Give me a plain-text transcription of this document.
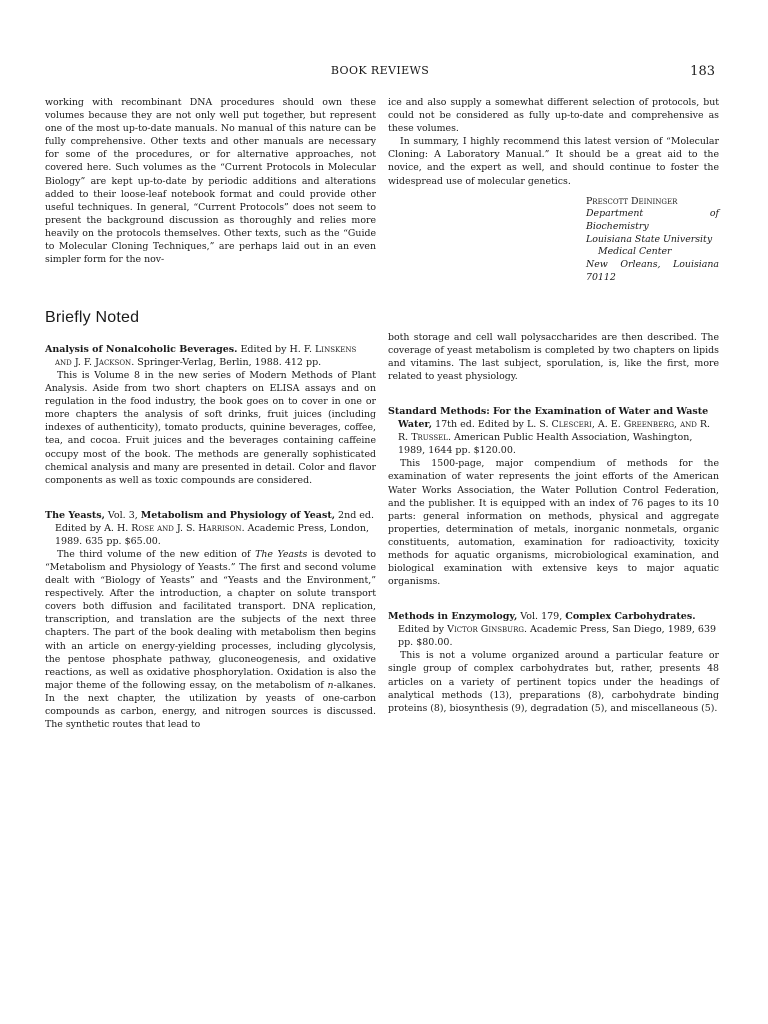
BOOK REVIEWS	183

working with recombinant DNA procedures should own these volumes because they are not only well put together, but represent one of the most up-to-date manuals. No manual of this nature can be fully comprehensive. Other texts and other manuals are necessary for some of the procedures, or for alternative approaches, not covered here. Such volumes as the “Current Protocols in Molecular Biology” are kept up-to-date by periodic additions and alterations added to their loose-leaf notebook format and could provide other useful techniques. In general, “Current Protocols” does not seem to present the background discussion as thoroughly and relies more heavily on the protocols themselves. Other texts, such as the “Guide to Molecular Cloning Techniques,” are perhaps laid out in an even simpler form for the nov-

ice and also supply a somewhat different selection of protocols, but could not be considered as fully up-to-date and comprehensive as these volumes.

In summary, I highly recommend this latest version of “Molecular Cloning: A Laboratory Manual.” It should be a great aid to the novice, and the expert as well, and should continue to foster the widespread use of molecular genetics.

Prescott Deininger
Department of Biochemistry
Louisiana State University
Medical Center
New Orleans, Louisiana 70112
Briefly Noted
Analysis of Nonalcoholic Beverages. Edited by H. F. Linskens and J. F. Jackson. Springer-Verlag, Berlin, 1988. 412 pp.

This is Volume 8 in the new series of Modern Methods of Plant Analysis. Aside from two short chapters on ELISA assays and on regulation in the food industry, the book goes on to cover in one or more chapters the analysis of soft drinks, fruit juices (including indexes of authenticity), tomato products, quinine beverages, coffee, tea, and cocoa. Fruit juices and the beverages containing caffeine occupy most of the book. The methods are generally sophisticated chemical analysis and many are presented in detail. Color and flavor components as well as toxic compounds are considered.

The Yeasts, Vol. 3, Metabolism and Physiology of Yeast, 2nd ed. Edited by A. H. Rose and J. S. Harrison. Academic Press, London, 1989. 635 pp. $65.00.

The third volume of the new edition of The Yeasts is devoted to “Metabolism and Physiology of Yeasts.” The first and second volume dealt with “Biology of Yeasts” and “Yeasts and the Environment,” respectively. After the introduction, a chapter on solute transport covers both diffusion and facilitated transport. DNA replication, transcription, and translation are the subjects of the next three chapters. The part of the book dealing with metabolism then begins with an article on energy-yielding processes, including glycolysis, the pentose phosphate pathway, gluconeogenesis, and oxidative reactions, as well as oxidative phosphorylation. Oxidation is also the major theme of the following essay, on the metabolism of n-alkanes. In the next chapter, the utilization by yeasts of one-carbon compounds as carbon, energy, and nitrogen sources is discussed. The synthetic routes that lead to

both storage and cell wall polysaccharides are then described. The coverage of yeast metabolism is completed by two chapters on lipids and vitamins. The last subject, sporulation, is, like the first, more related to yeast physiology.

Standard Methods: For the Examination of Water and Waste Water, 17th ed. Edited by L. S. Clesceri, A. E. Greenberg, and R. R. Trussel. American Public Health Association, Washington, 1989, 1644 pp. $120.00.

This 1500-page, major compendium of methods for the examination of water represents the joint efforts of the American Water Works Association, the Water Pollution Control Federation, and the publisher. It is equipped with an index of 76 pages to its 10 parts: general information on methods, physical and aggregate properties, determination of metals, inorganic nonmetals, organic constituents, automation, examination for radioactivity, toxicity methods for aquatic organisms, microbiological examination, and biological examination with extensive keys to major aquatic organisms.

Methods in Enzymology, Vol. 179, Complex Carbohydrates. Edited by Victor Ginsburg. Academic Press, San Diego, 1989, 639 pp. $80.00.

This is not a volume organized around a particular feature or single group of complex carbohydrates but, rather, presents 48 articles on a variety of pertinent topics under the headings of analytical methods (13), preparations (8), carbohydrate binding proteins (8), biosynthesis (9), degradation (5), and miscellaneous (5).
